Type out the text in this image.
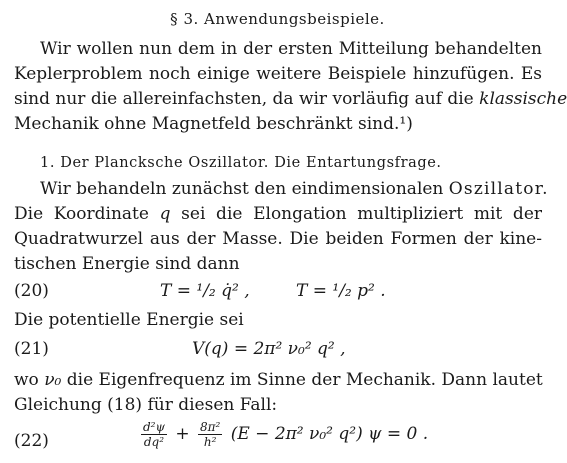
§ 3. Anwendungsbeispiele.
Wir wollen nun dem in der ersten Mitteilung behandelten
Keplerproblem noch einige weitere Beispiele hinzufügen. Es
sind nur die allereinfachsten, da wir vorläufig auf die klassische
Mechanik ohne Magnetfeld beschränkt sind.¹)
1. Der Plancksche Oszillator. Die Entartungsfrage.
Wir behandeln zunächst den eindimensionalen Oszillator.
Die Koordinate q sei die Elongation multipliziert mit der
Quadratwurzel aus der Masse. Die beiden Formen der kine-
tischen Energie sind dann
(20)	T = ¹/₂ q̇² ,	T = ¹/₂ p² .
Die potentielle Energie sei
(21)	V(q) = 2π² ν₀² q² ,
wo ν₀ die Eigenfrequenz im Sinne der Mechanik. Dann lautet
Gleichung (18) für diesen Fall:
(22)	$\frac{\text{d²ψ}}{\text{dq²}} + \frac{\text{8π²}}{\text{h²}} (E - 2\pi^2$ ν₀² q²) ψ = 0 .
